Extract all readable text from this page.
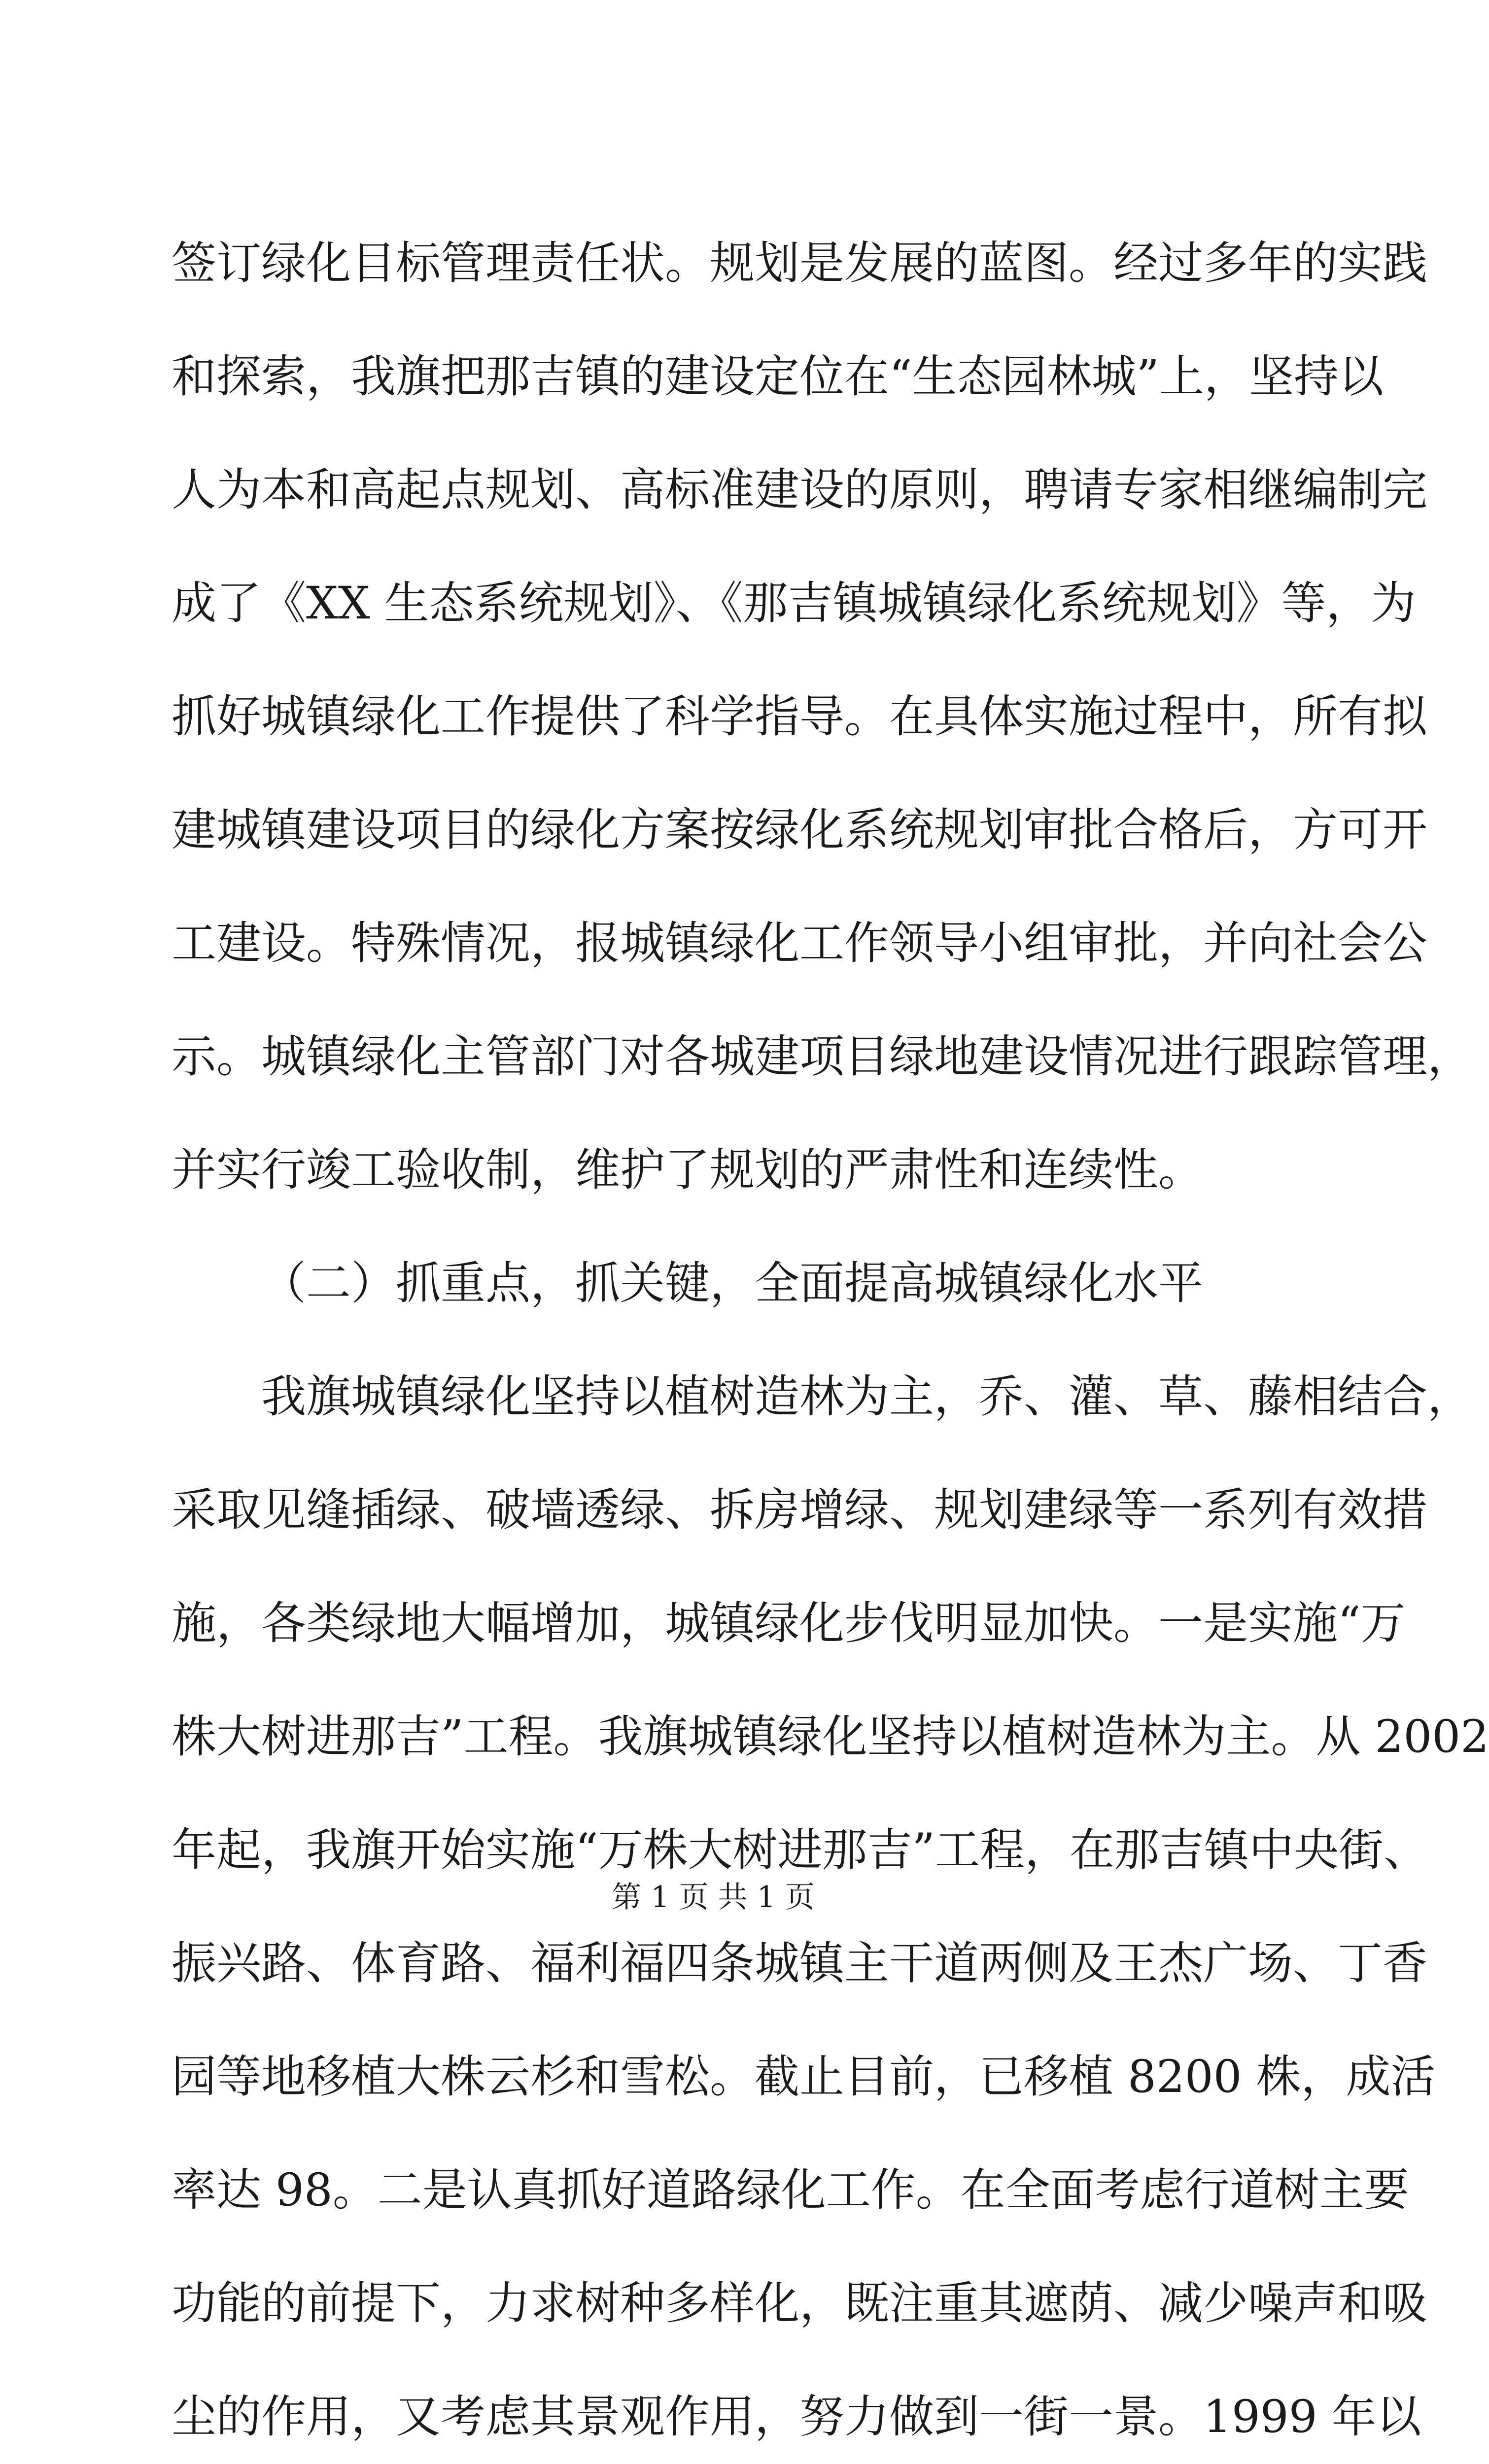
签订绿化目标管理责任状。规划是发展的蓝图。经过多年的实践
和探索，我旗把那吉镇的建设定位在“生态园林城”上，坚持以
人为本和高起点规划、高标准建设的原则，聘请专家相继编制完
成了《XX 生态系统规划》、《那吉镇城镇绿化系统规划》等，为
抓好城镇绿化工作提供了科学指导。在具体实施过程中，所有拟
建城镇建设项目的绿化方案按绿化系统规划审批合格后，方可开
工建设。特殊情况，报城镇绿化工作领导小组审批，并向社会公
示。城镇绿化主管部门对各城建项目绿地建设情况进行跟踪管理，
并实行竣工验收制，维护了规划的严肃性和连续性。
（二）抓重点，抓关键，全面提高城镇绿化水平
我旗城镇绿化坚持以植树造林为主，乔、灌、草、藤相结合，
采取见缝插绿、破墙透绿、拆房增绿、规划建绿等一系列有效措
施，各类绿地大幅增加，城镇绿化步伐明显加快。一是实施“万
株大树进那吉”工程。我旗城镇绿化坚持以植树造林为主。从 2002
年起，我旗开始实施“万株大树进那吉”工程，在那吉镇中央街、
振兴路、体育路、福利福四条城镇主干道两侧及王杰广场、丁香
园等地移植大株云杉和雪松。截止目前，已移植 8200 株，成活
率达 98。二是认真抓好道路绿化工作。在全面考虑行道树主要
功能的前提下，力求树种多样化，既注重其遮荫、减少噪声和吸
尘的作用，又考虑其景观作用，努力做到一街一景。1999 年以
第 1 页 共 1 页
